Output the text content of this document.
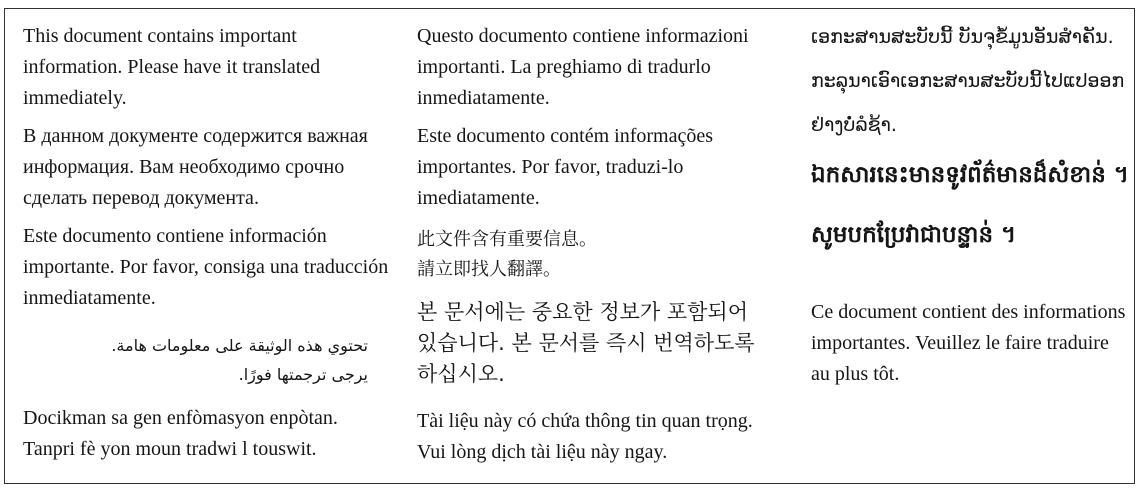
This document contains important
information. Please have it translated
immediately.

В данном документе содержится важная
информация. Вам необходимо срочно
сделать перевод документа.

Este documento contiene información
importante. Por favor, consiga una traducción
inmediatamente.

تحتوي هذه الوثيقة على معلومات هامة.
يرجى ترجمتها فورًا.

Docikman sa gen enfòmasyon enpòtan.
Tanpri fè yon moun tradwi l touswit.

Questo documento contiene informazioni
importanti. La preghiamo di tradurlo
inmediatamente.

Este documento contém informações
importantes. Por favor, traduzi-lo
imediatamente.

此文件含有重要信息。
請立即找人翻譯。

본 문서에는 중요한 정보가 포함되어
있습니다. 본 문서를 즉시 번역하도록
하십시오.

Tài liệu này có chứa thông tin quan trọng.
Vui lòng dịch tài liệu này ngay.

ເອກະສານສະບັບນີ້ ບັນຈຸຂໍ້ມູນອັນສຳຄັນ.
ກະລຸນາເອົາເອກະສານສະບັບນີ້ໄປແປອອກ
ຢ່າງບໍ່ລໍຊ້າ.

ឯកសារនេះមានទូវព័ត៌មានដ៏សំខាន់ ។
សូមបកប្រែវាជាបន្ទាន់ ។

Ce document contient des informations
importantes. Veuillez le faire traduire
au plus tôt.
